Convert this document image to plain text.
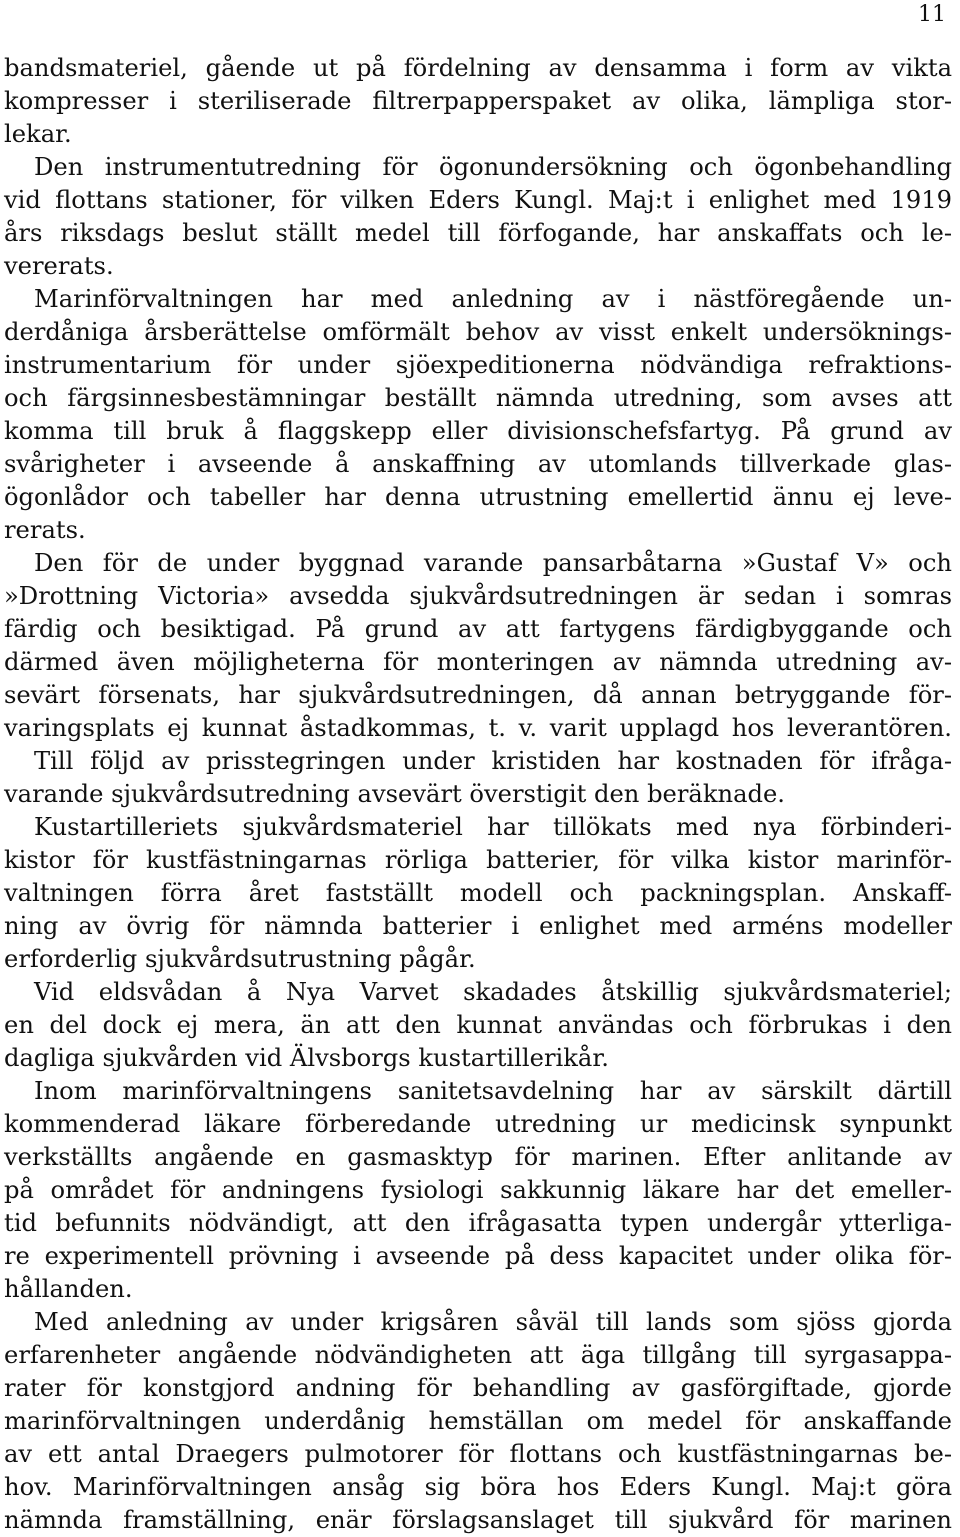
11
bandsmateriel, gående ut på fördelning av densamma i form av vikta
kompresser i steriliserade filtrerpapperspaket av olika, lämpliga stor-
lekar.
Den instrumentutredning för ögonundersökning och ögonbehandling
vid flottans stationer, för vilken Eders Kungl. Maj:t i enlighet med 1919
års riksdags beslut ställt medel till förfogande, har anskaffats och le-
vererats.
Marinförvaltningen har med anledning av i nästföregående un-
derdåniga årsberättelse omförmält behov av visst enkelt undersöknings-
instrumentarium för under sjöexpeditionerna nödvändiga refraktions-
och färgsinnesbestämningar beställt nämnda utredning, som avses att
komma till bruk å flaggskepp eller divisionschefsfartyg. På grund av
svårigheter i avseende å anskaffning av utomlands tillverkade glas-
ögonlådor och tabeller har denna utrustning emellertid ännu ej leve-
rerats.
Den för de under byggnad varande pansarbåtarna »Gustaf V» och
»Drottning Victoria» avsedda sjukvårdsutredningen är sedan i somras
färdig och besiktigad. På grund av att fartygens färdigbyggande och
därmed även möjligheterna för monteringen av nämnda utredning av-
sevärt försenats, har sjukvårdsutredningen, då annan betryggande för-
varingsplats ej kunnat åstadkommas, t. v. varit upplagd hos leverantören.
Till följd av prisstegringen under kristiden har kostnaden för ifråga-
varande sjukvårdsutredning avsevärt överstigit den beräknade.
Kustartilleriets sjukvårdsmateriel har tillökats med nya förbinderi-
kistor för kustfästningarnas rörliga batterier, för vilka kistor marinför-
valtningen förra året fastställt modell och packningsplan. Anskaff-
ning av övrig för nämnda batterier i enlighet med arméns modeller
erforderlig sjukvårdsutrustning pågår.
Vid eldsvådan å Nya Varvet skadades åtskillig sjukvårdsmateriel;
en del dock ej mera, än att den kunnat användas och förbrukas i den
dagliga sjukvården vid Älvsborgs kustartillerikår.
Inom marinförvaltningens sanitetsavdelning har av särskilt därtill
kommenderad läkare förberedande utredning ur medicinsk synpunkt
verkställts angående en gasmasktyp för marinen. Efter anlitande av
på området för andningens fysiologi sakkunnig läkare har det emeller-
tid befunnits nödvändigt, att den ifrågasatta typen undergår ytterliga-
re experimentell prövning i avseende på dess kapacitet under olika för-
hållanden.
Med anledning av under krigsåren såväl till lands som sjöss gjorda
erfarenheter angående nödvändigheten att äga tillgång till syrgasappa-
rater för konstgjord andning för behandling av gasförgiftade, gjorde
marinförvaltningen underdånig hemställan om medel för anskaffande
av ett antal Draegers pulmotorer för flottans och kustfästningarnas be-
hov. Marinförvaltningen ansåg sig böra hos Eders Kungl. Maj:t göra
nämnda framställning, enär förslagsanslaget till sjukvård för marinen
